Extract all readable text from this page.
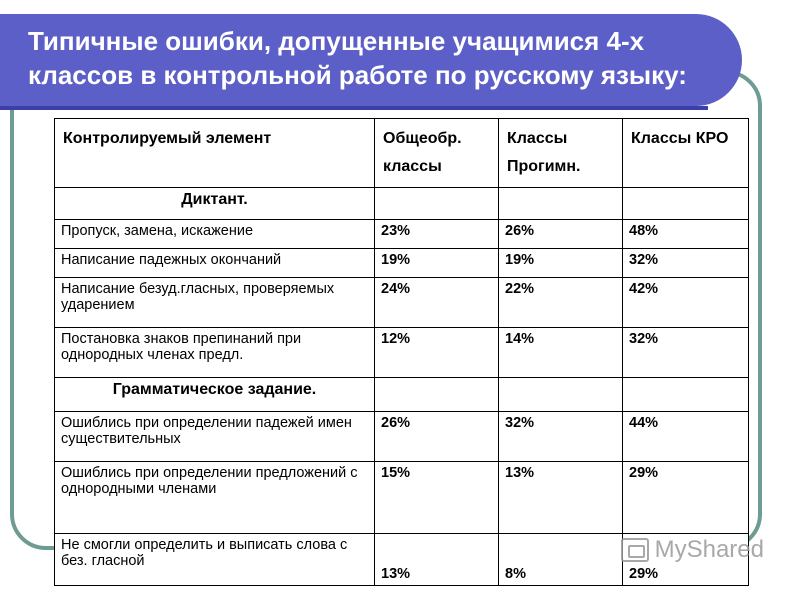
Типичные ошибки, допущенные учащимися 4-х классов в контрольной работе по русскому языку:
Контролируемый элемент	Общеобр. классы	Классы Прогимн.	Классы КРО
Диктант.			
Пропуск, замена, искажение	23%	26%	48%
Написание падежных окончаний	19%	19%	32%
Написание безуд.гласных, проверяемых ударением	24%	22%	42%
Постановка знаков препинаний при однородных членах предл.	12%	14%	32%
Грамматическое задание.			
Ошиблись при определении падежей имен существительных	26%	32%	44%
Ошиблись при определении предложений с однородными членами	15%	13%	29%
Не смогли определить и выписать слова с без. гласной	13%	8%	29%
MyShared
